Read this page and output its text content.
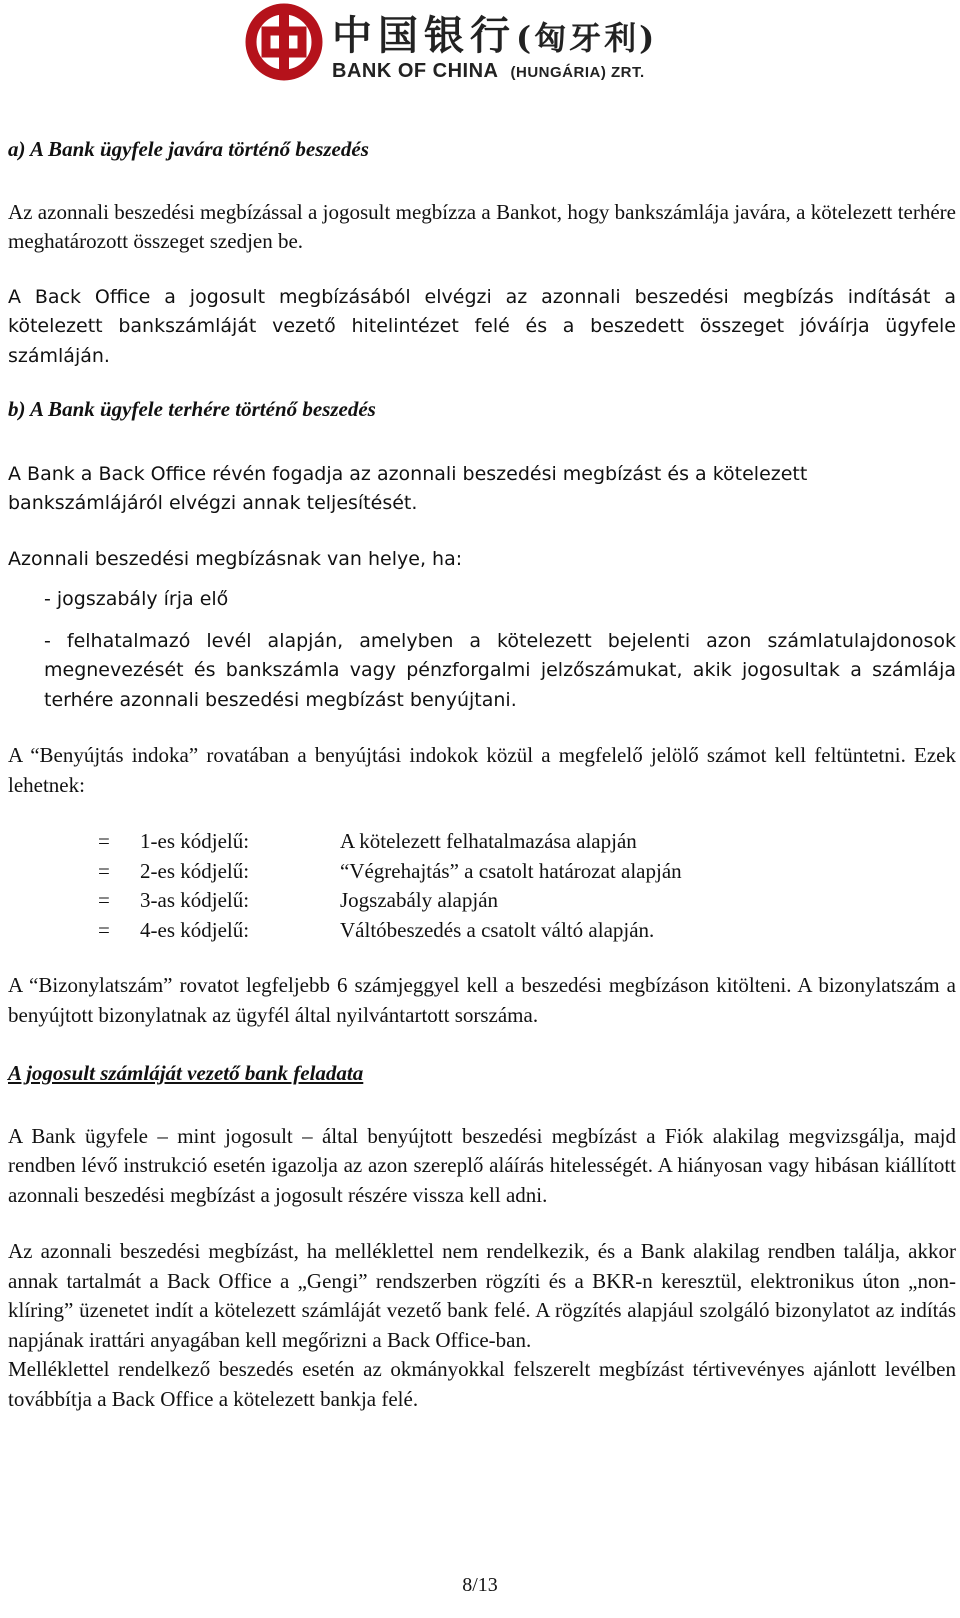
中国银行(匈牙利)
BANK OF CHINA (HUNGÁRIA) ZRT.

a) A Bank ügyfele javára történő beszedés

Az azonnali beszedési megbízással a jogosult megbízza a Bankot, hogy bankszámlája javára, a kötelezett terhére meghatározott összeget szedjen be.

A Back Office a jogosult megbízásából elvégzi az azonnali beszedési megbízás indítását a kötelezett bankszámláját vezető hitelintézet felé és a beszedett összeget jóváírja ügyfele számláján.

b) A Bank ügyfele terhére történő beszedés

A Bank a Back Office révén fogadja az azonnali beszedési megbízást és a kötelezett bankszámlájáról elvégzi annak teljesítését.

Azonnali beszedési megbízásnak van helye, ha:

- jogszabály írja elő

- felhatalmazó levél alapján, amelyben a kötelezett bejelenti azon számlatulajdonosok megnevezését és bankszámla vagy pénzforgalmi jelzőszámukat, akik jogosultak a számlája terhére azonnali beszedési megbízást benyújtani.

A “Benyújtás indoka” rovatában a benyújtási indokok közül a megfelelő jelölő számot kell feltüntetni. Ezek lehetnek:

=	1-es kódjelű:	A kötelezett felhatalmazása alapján
=	2-es kódjelű:	“Végrehajtás” a csatolt határozat alapján
=	3-as kódjelű:	Jogszabály alapján
=	4-es kódjelű:	Váltóbeszedés a csatolt váltó alapján.

A “Bizonylatszám” rovatot legfeljebb 6 számjeggyel kell a beszedési megbízáson kitölteni. A bizonylatszám a benyújtott bizonylatnak az ügyfél által nyilvántartott sorszáma.

A jogosult számláját vezető bank feladata

A Bank ügyfele – mint jogosult – által benyújtott beszedési megbízást a Fiók alakilag megvizsgálja, majd rendben lévő instrukció esetén igazolja az azon szereplő aláírás hitelességét. A hiányosan vagy hibásan kiállított azonnali beszedési megbízást a jogosult részére vissza kell adni.

Az azonnali beszedési megbízást, ha melléklettel nem rendelkezik, és a Bank alakilag rendben találja, akkor annak tartalmát a Back Office a „Gengi” rendszerben rögzíti és a BKR-n keresztül, elektronikus úton „non-klíring” üzenetet indít a kötelezett számláját vezető bank felé. A rögzítés alapjául szolgáló bizonylatot az indítás napjának irattári anyagában kell megőrizni a Back Office-ban.

Melléklettel rendelkező beszedés esetén az okmányokkal felszerelt megbízást tértivevényes ajánlott levélben továbbítja a Back Office a kötelezett bankja felé.

8/13
